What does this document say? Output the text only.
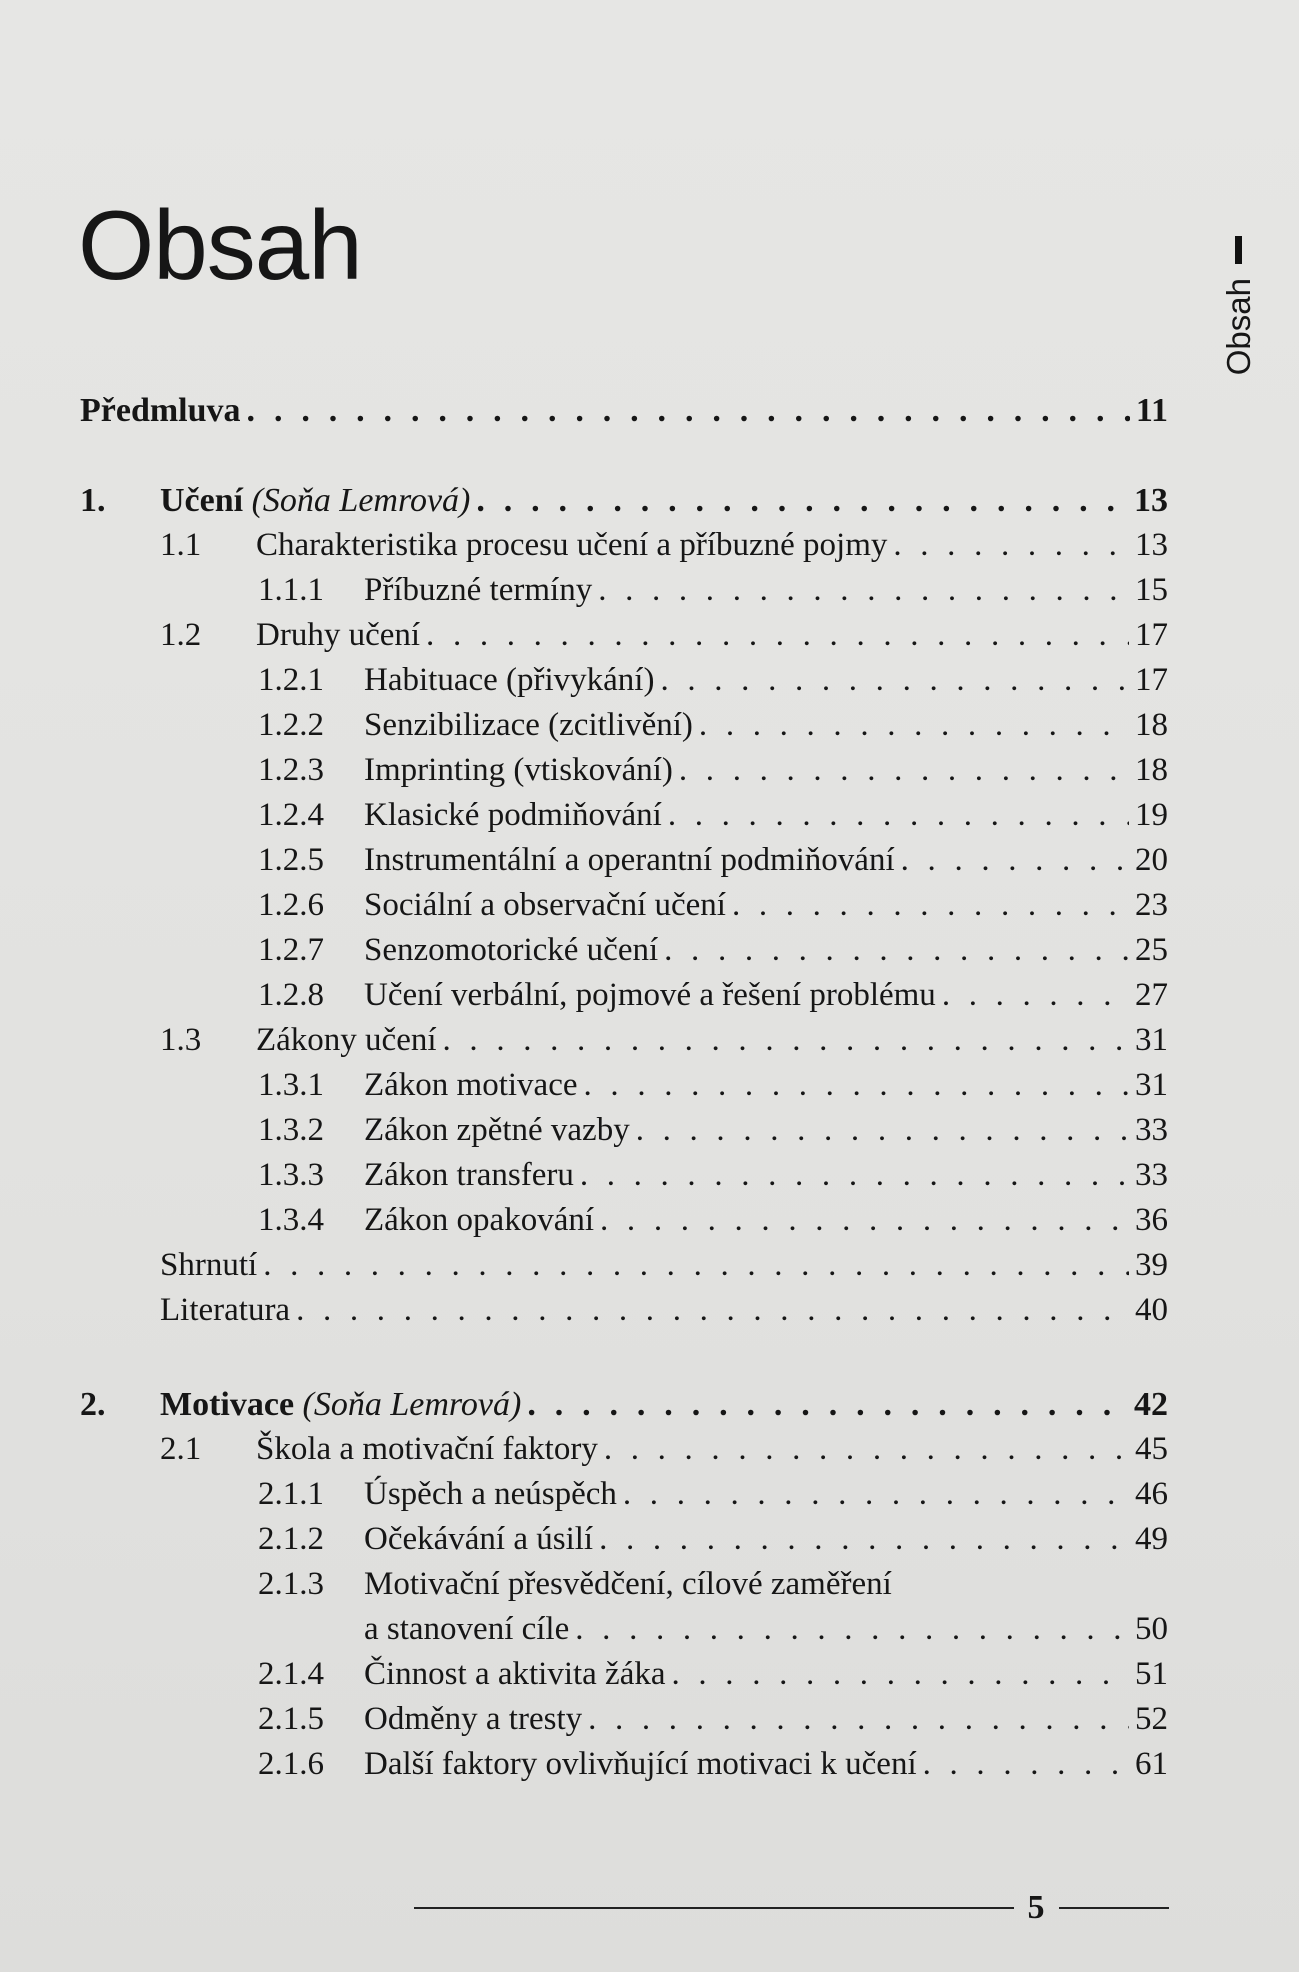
Obsah
Obsah
Předmluva . . .	11
1. Učení (Soňa Lemrová) . . .	13
1.1 Charakteristika procesu učení a příbuzné pojmy . . .	13
1.1.1 Příbuzné termíny . . .	15
1.2 Druhy učení . . .	17
1.2.1 Habituace (přivykání) . . .	17
1.2.2 Senzibilizace (zcitlivění) . . .	18
1.2.3 Imprinting (vtiskování) . . .	18
1.2.4 Klasické podmiňování . . .	19
1.2.5 Instrumentální a operantní podmiňování . . .	20
1.2.6 Sociální a observační učení . . .	23
1.2.7 Senzomotorické učení . . .	25
1.2.8 Učení verbální, pojmové a řešení problému . . .	27
1.3 Zákony učení . . .	31
1.3.1 Zákon motivace . . .	31
1.3.2 Zákon zpětné vazby . . .	33
1.3.3 Zákon transferu . . .	33
1.3.4 Zákon opakování . . .	36
Shrnutí . . .	39
Literatura . . .	40
2. Motivace (Soňa Lemrová) . . .	42
2.1 Škola a motivační faktory . . .	45
2.1.1 Úspěch a neúspěch . . .	46
2.1.2 Očekávání a úsilí . . .	49
2.1.3 Motivační přesvědčení, cílové zaměření
a stanovení cíle . . .	50
2.1.4 Činnost a aktivita žáka . . .	51
2.1.5 Odměny a tresty . . .	52
2.1.6 Další faktory ovlivňující motivaci k učení . . .	61
5
